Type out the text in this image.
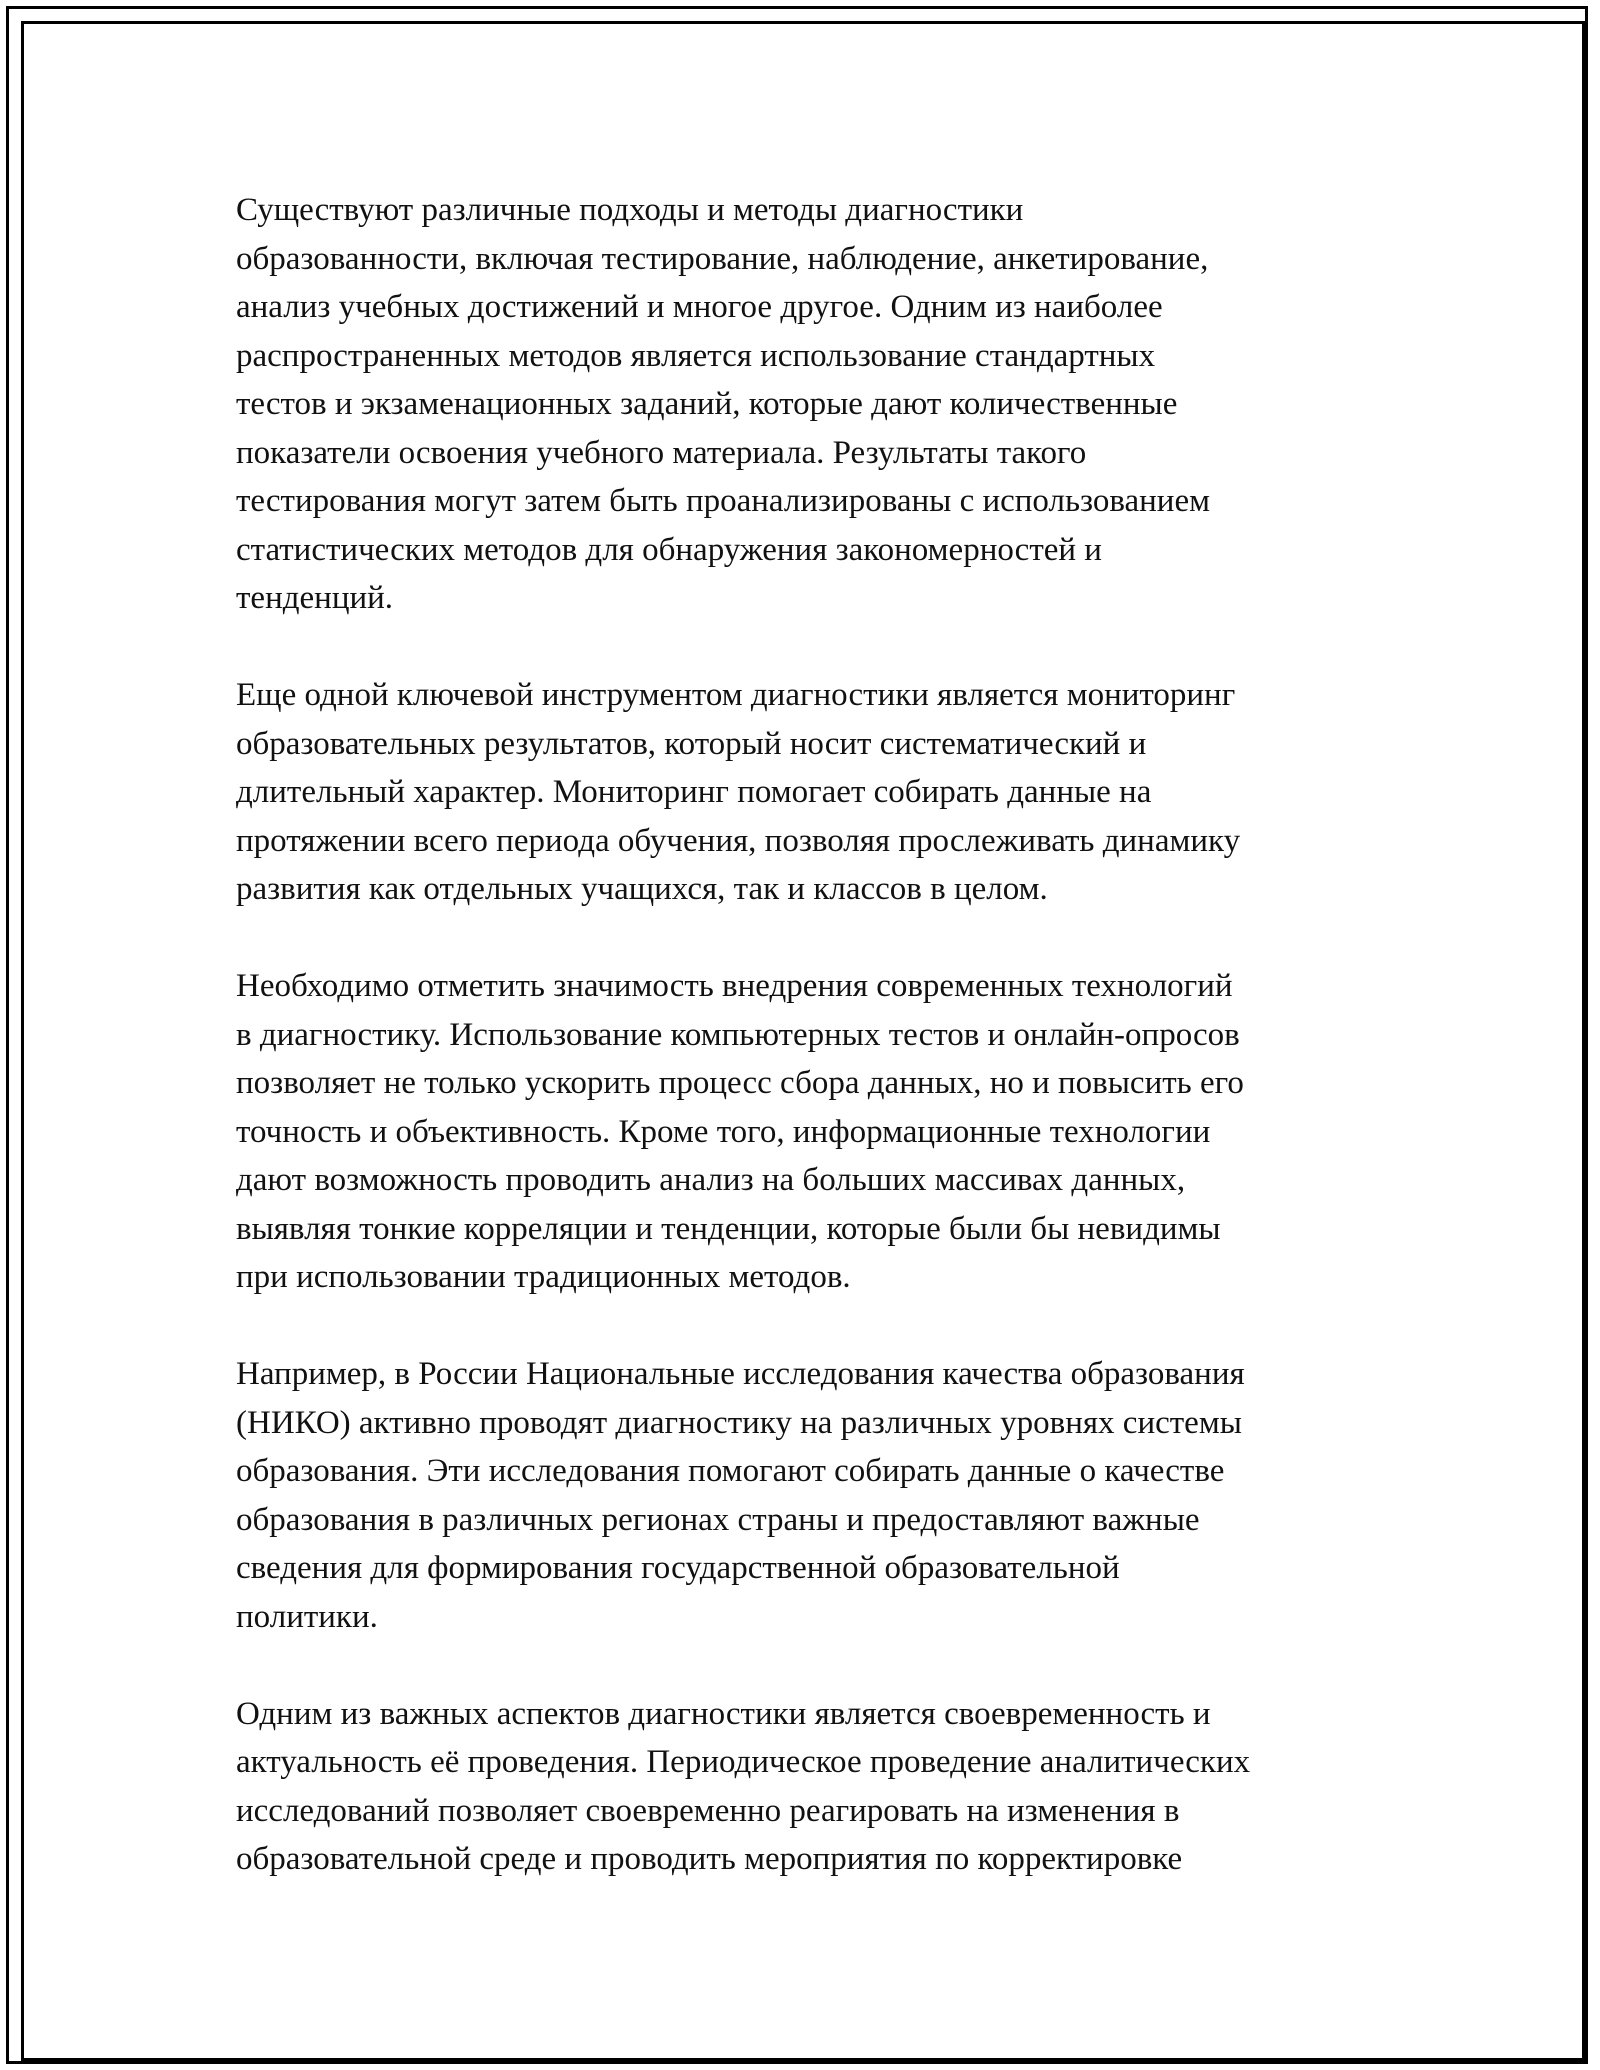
Существуют различные подходы и методы диагностики
образованности, включая тестирование, наблюдение, анкетирование,
анализ учебных достижений и многое другое. Одним из наиболее
распространенных методов является использование стандартных
тестов и экзаменационных заданий, которые дают количественные
показатели освоения учебного материала. Результаты такого
тестирования могут затем быть проанализированы с использованием
статистических методов для обнаружения закономерностей и
тенденций.

Еще одной ключевой инструментом диагностики является мониторинг
образовательных результатов, который носит систематический и
длительный характер. Мониторинг помогает собирать данные на
протяжении всего периода обучения, позволяя прослеживать динамику
развития как отдельных учащихся, так и классов в целом.

Необходимо отметить значимость внедрения современных технологий
в диагностику. Использование компьютерных тестов и онлайн-опросов
позволяет не только ускорить процесс сбора данных, но и повысить его
точность и объективность. Кроме того, информационные технологии
дают возможность проводить анализ на больших массивах данных,
выявляя тонкие корреляции и тенденции, которые были бы невидимы
при использовании традиционных методов.

Например, в России Национальные исследования качества образования
(НИКО) активно проводят диагностику на различных уровнях системы
образования. Эти исследования помогают собирать данные о качестве
образования в различных регионах страны и предоставляют важные
сведения для формирования государственной образовательной
политики.

Одним из важных аспектов диагностики является своевременность и
актуальность её проведения. Периодическое проведение аналитических
исследований позволяет своевременно реагировать на изменения в
образовательной среде и проводить мероприятия по корректировке
